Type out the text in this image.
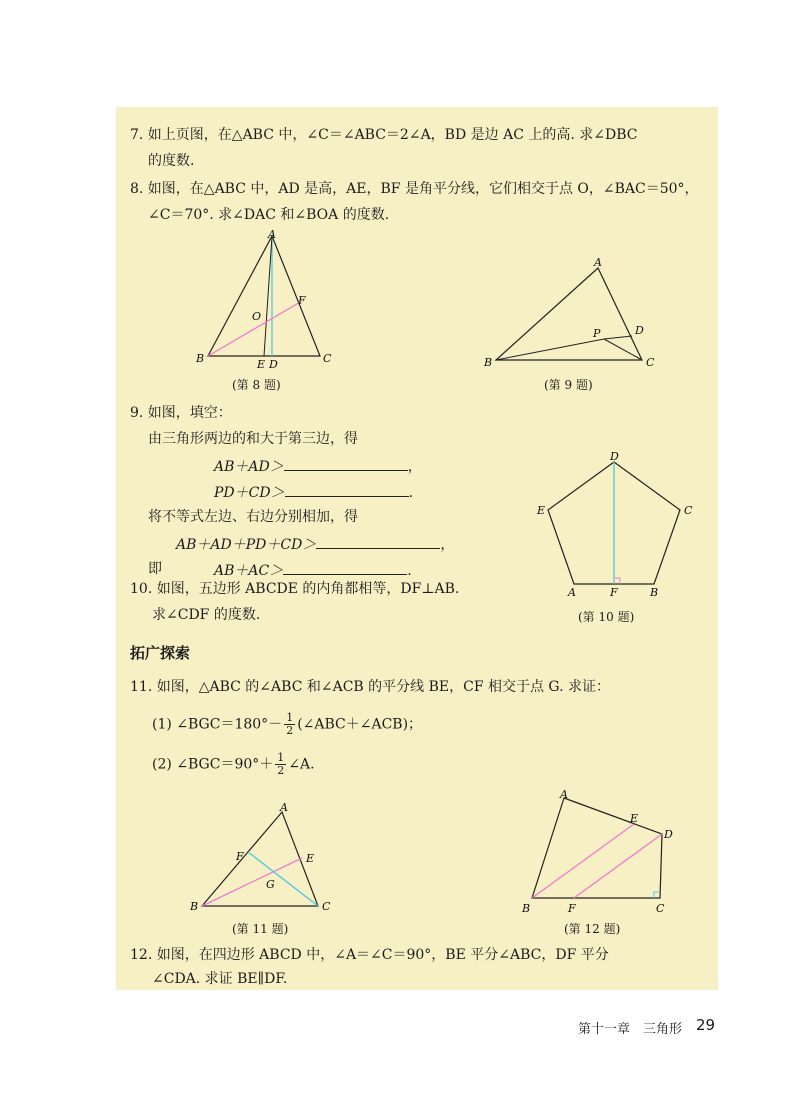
7. 如上页图，在△ABC 中，∠C＝∠ABC＝2∠A，BD 是边 AC 上的高. 求∠DBC
的度数.
8. 如图，在△ABC 中，AD 是高，AE，BF 是角平分线，它们相交于点 O，∠BAC＝50°，
∠C＝70°. 求∠DAC 和∠BOA 的度数.
A
F
O
B	E D	C
(第 8 题)
A
P	D
B	C
(第 9 题)
9. 如图，填空：
由三角形两边的和大于第三边，得
AB＋AD＞	，
PD＋CD＞	.
将不等式左边、右边分别相加，得
AB＋AD＋PD＋CD＞	，
即	AB＋AC＞	.
D
E	C
A	F	B
(第 10 题)
10. 如图，五边形 ABCDE 的内角都相等，DF⊥AB.
求∠CDF 的度数.
拓广探索
11. 如图，△ABC 的∠ABC 和∠ACB 的平分线 BE，CF 相交于点 G. 求证：
(1) ∠BGC＝180°－ $\frac{1}{2}$ (∠ABC＋∠ACB)；
(2) ∠BGC＝90°＋ $\frac{1}{2}$ ∠A.
A
F	E
G
B	C
(第 11 题)
A
E
D
B	F	C
(第 12 题)
12. 如图，在四边形 ABCD 中，∠A＝∠C＝90°，BE 平分∠ABC，DF 平分
∠CDA. 求证 BE∥DF.
第十一章　三角形 29
